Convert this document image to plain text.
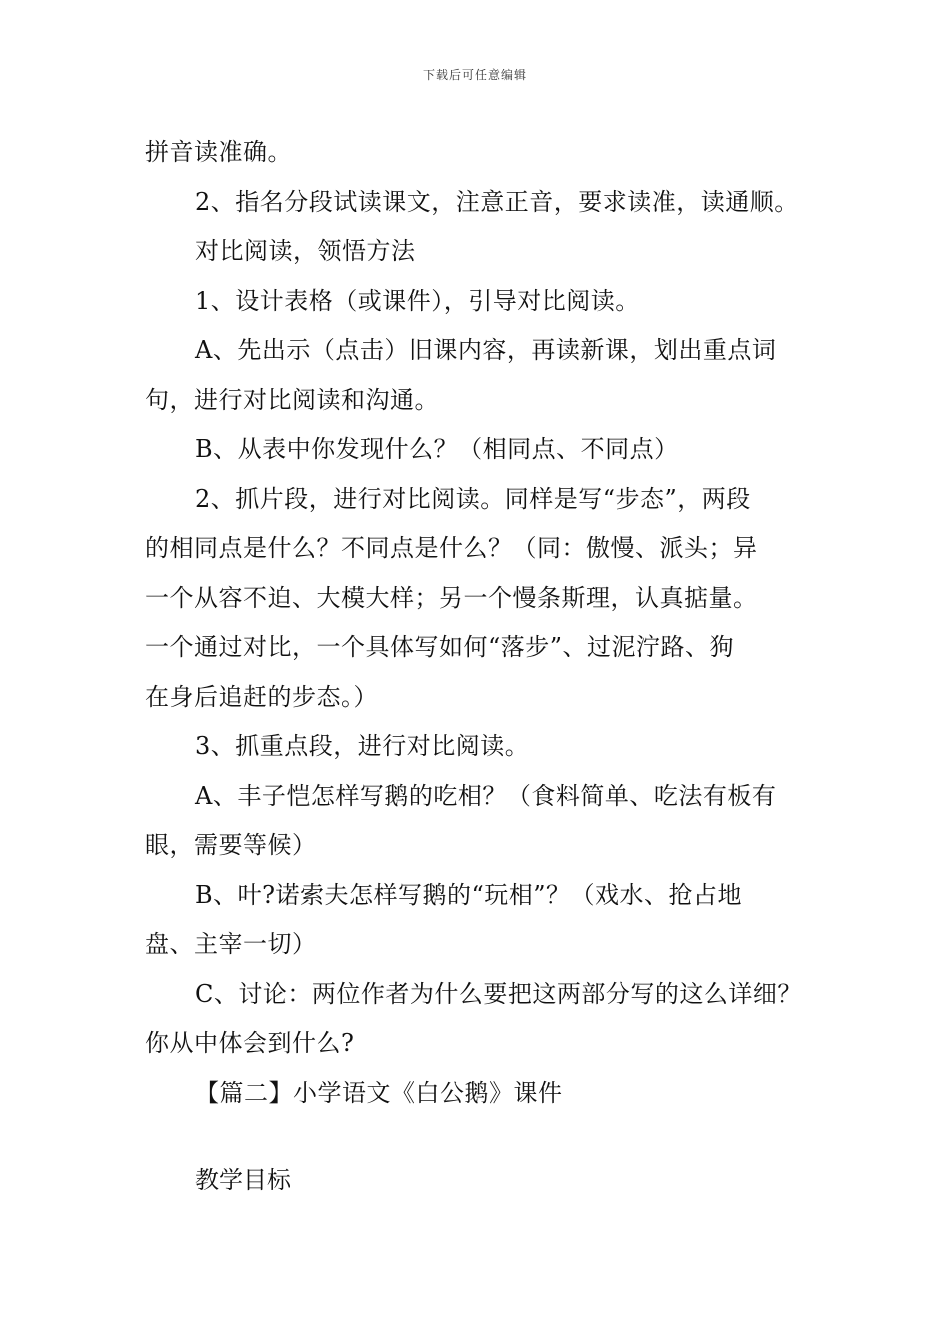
下载后可任意编辑
拼音读准确。
2、指名分段试读课文，注意正音，要求读准，读通顺。
对比阅读，领悟方法
1、设计表格（或课件），引导对比阅读。
A、先出示（点击）旧课内容，再读新课，划出重点词
句，进行对比阅读和沟通。
B、从表中你发现什么？（相同点、不同点）
2、抓片段，进行对比阅读。同样是写“步态”，两段
的相同点是什么？不同点是什么？（同：傲慢、派头；异
一个从容不迫、大模大样；另一个慢条斯理，认真掂量。
一个通过对比，一个具体写如何“落步”、过泥泞路、狗
在身后追赶的步态。）
3、抓重点段，进行对比阅读。
A、丰子恺怎样写鹅的吃相？（食料简单、吃法有板有
眼，需要等候）
B、叶?诺索夫怎样写鹅的“玩相”？（戏水、抢占地
盘、主宰一切）
C、讨论：两位作者为什么要把这两部分写的这么详细？
你从中体会到什么?
【篇二】小学语文《白公鹅》课件
教学目标
